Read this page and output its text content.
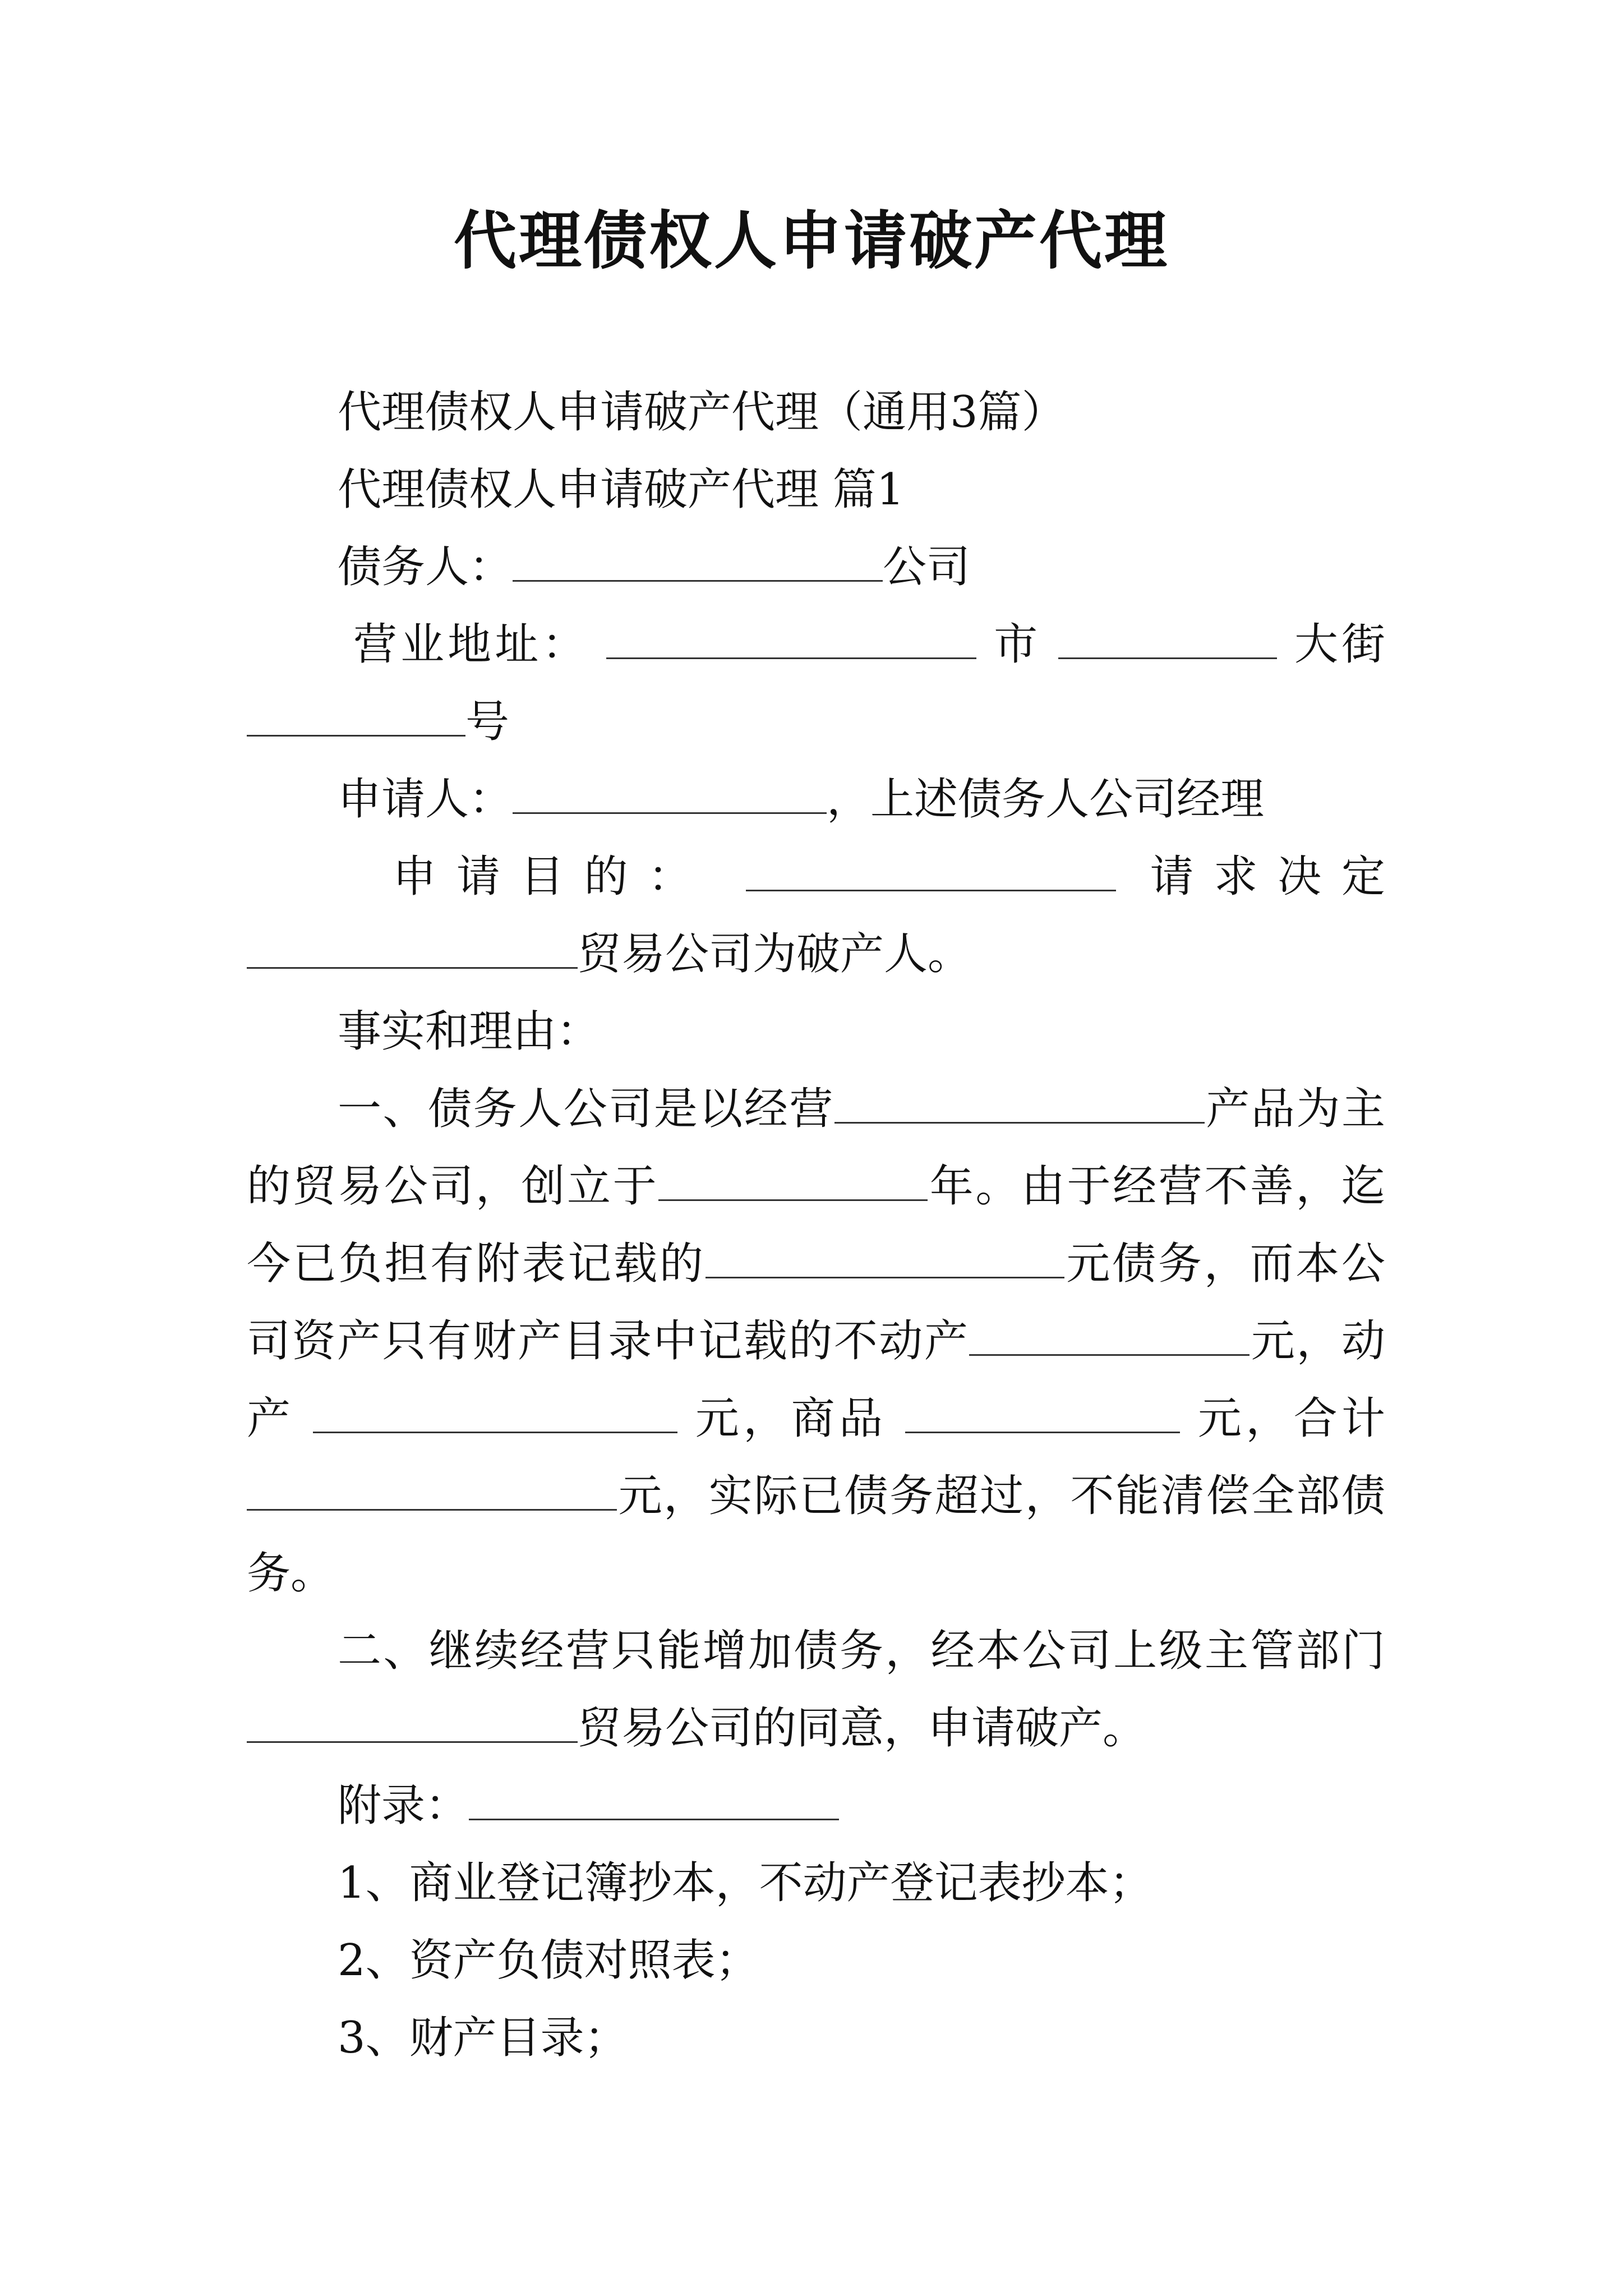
代理债权人申请破产代理
代理债权人申请破产代理（通用3篇）
代理债权人申请破产代理 篇1
债务人：	公司
营业地址：	市	大街
号
申请人：	，上述债务人公司经理
申请目的：	请求决定
贸易公司为破产人。
事实和理由：
一、债务人公司是以经营	产品为主
的贸易公司，创立于	年。由于经营不善，迄
今已负担有附表记载的	元债务，而本公
司资产只有财产目录中记载的不动产	元，动
产	元，商品	元，合计
元，实际已债务超过，不能清偿全部债
务。
二、继续经营只能增加债务，经本公司上级主管部门
贸易公司的同意，申请破产。
附录：
1、商业登记簿抄本，不动产登记表抄本；
2、资产负债对照表；
3、财产目录；
